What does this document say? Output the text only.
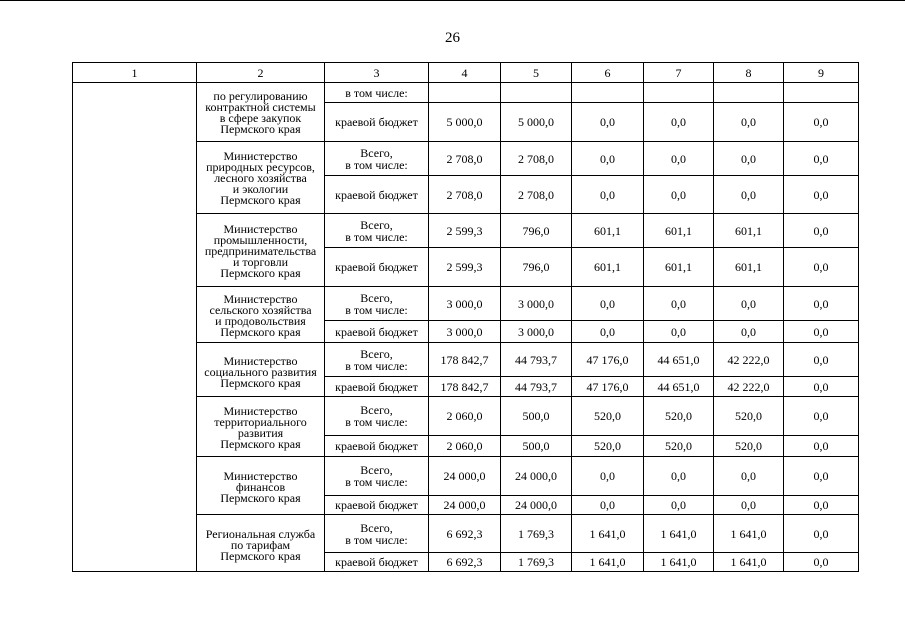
26
1	2	3	4	5	6	7	8	9

	по регулированию
контрактной системы
в сфере закупок
Пермского края	в том числе:						
		краевой бюджет	5 000,0	5 000,0	0,0	0,0	0,0	0,0

	Министерство
природных ресурсов,
лесного хозяйства
и экологии
Пермского края	Всего,
в том числе:	2 708,0	2 708,0	0,0	0,0	0,0	0,0
		краевой бюджет	2 708,0	2 708,0	0,0	0,0	0,0	0,0

	Министерство
промышленности,
предпринимательства
и торговли
Пермского края	Всего,
в том числе:	2 599,3	796,0	601,1	601,1	601,1	0,0
		краевой бюджет	2 599,3	796,0	601,1	601,1	601,1	0,0

	Министерство
сельского хозяйства
и продовольствия
Пермского края	Всего,
в том числе:	3 000,0	3 000,0	0,0	0,0	0,0	0,0
		краевой бюджет	3 000,0	3 000,0	0,0	0,0	0,0	0,0

	Министерство
социального развития
Пермского края	Всего,
в том числе:	178 842,7	44 793,7	47 176,0	44 651,0	42 222,0	0,0
		краевой бюджет	178 842,7	44 793,7	47 176,0	44 651,0	42 222,0	0,0

	Министерство
территориального
развития
Пермского края	Всего,
в том числе:	2 060,0	500,0	520,0	520,0	520,0	0,0
		краевой бюджет	2 060,0	500,0	520,0	520,0	520,0	0,0

	Министерство
финансов
Пермского края	Всего,
в том числе:	24 000,0	24 000,0	0,0	0,0	0,0	0,0
		краевой бюджет	24 000,0	24 000,0	0,0	0,0	0,0	0,0

	Региональная служба
по тарифам
Пермского края	Всего,
в том числе:	6 692,3	1 769,3	1 641,0	1 641,0	1 641,0	0,0
		краевой бюджет	6 692,3	1 769,3	1 641,0	1 641,0	1 641,0	0,0
